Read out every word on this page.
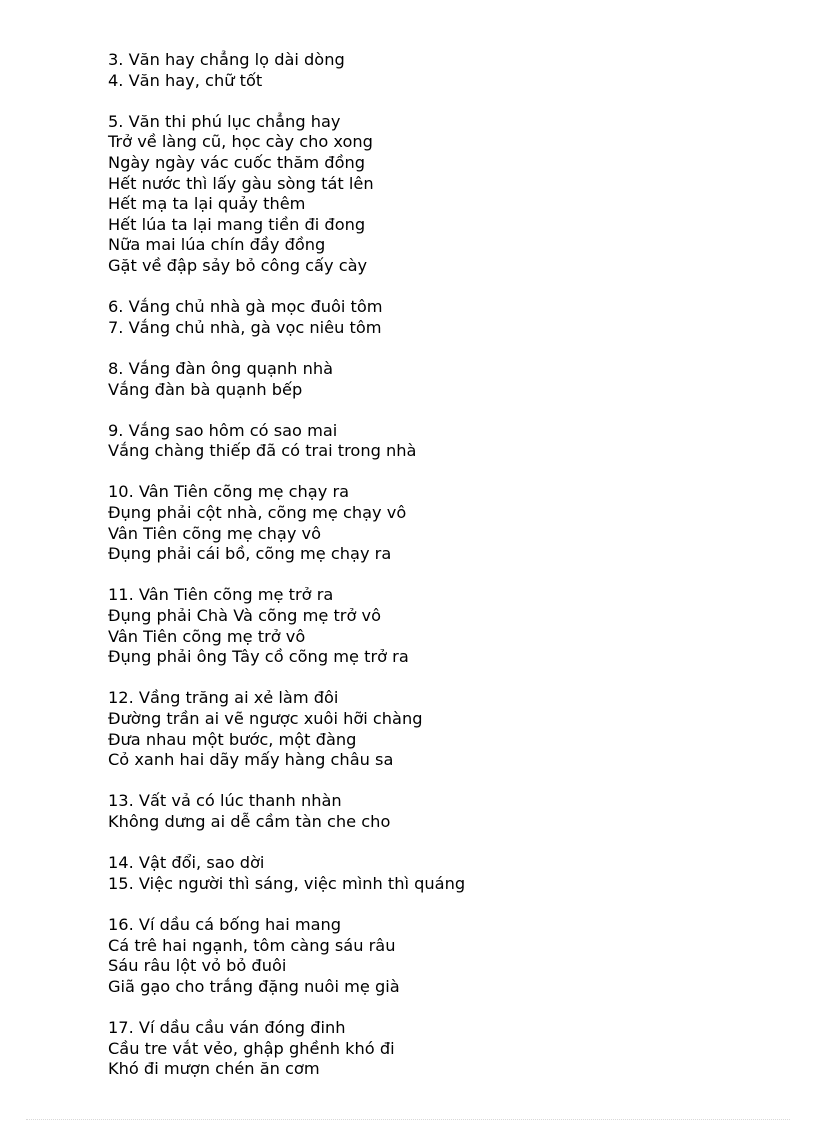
3. Văn hay chẳng lọ dài dòng
4. Văn hay, chữ tốt
5. Văn thi phú lục chẳng hay
Trở về làng cũ, học cày cho xong
Ngày ngày vác cuốc thăm đồng
Hết nước thì lấy gàu sòng tát lên
Hết mạ ta lại quảy thêm
Hết lúa ta lại mang tiền đi đong
Nữa mai lúa chín đầy đồng
Gặt về đập sảy bỏ công cấy cày
6. Vắng chủ nhà gà mọc đuôi tôm
7. Vắng chủ nhà, gà vọc niêu tôm
8. Vắng đàn ông quạnh nhà
Vắng đàn bà quạnh bếp
9. Vắng sao hôm có sao mai
Vắng chàng thiếp đã có trai trong nhà
10. Vân Tiên cõng mẹ chạy ra
Đụng phải cột nhà, cõng mẹ chạy vô
Vân Tiên cõng mẹ chạy vô
Đụng phải cái bồ, cõng mẹ chạy ra
11. Vân Tiên cõng mẹ trở ra
Đụng phải Chà Và cõng mẹ trở vô
Vân Tiên cõng mẹ trở vô
Đụng phải ông Tây cồ cõng mẹ trở ra
12. Vầng trăng ai xẻ làm đôi
Đường trần ai vẽ ngược xuôi hỡi chàng
Đưa nhau một bước, một đàng
Cỏ xanh hai dãy mấy hàng châu sa
13. Vất vả có lúc thanh nhàn
Không dưng ai dễ cầm tàn che cho
14. Vật đổi, sao dời
15. Việc người thì sáng, việc mình thì quáng
16. Ví dầu cá bống hai mang
Cá trê hai ngạnh, tôm càng sáu râu
Sáu râu lột vỏ bỏ đuôi
Giã gạo cho trắng đặng nuôi mẹ già
17. Ví dầu cầu ván đóng đinh
Cầu tre vắt vẻo, ghập ghềnh khó đi
Khó đi mượn chén ăn cơm
